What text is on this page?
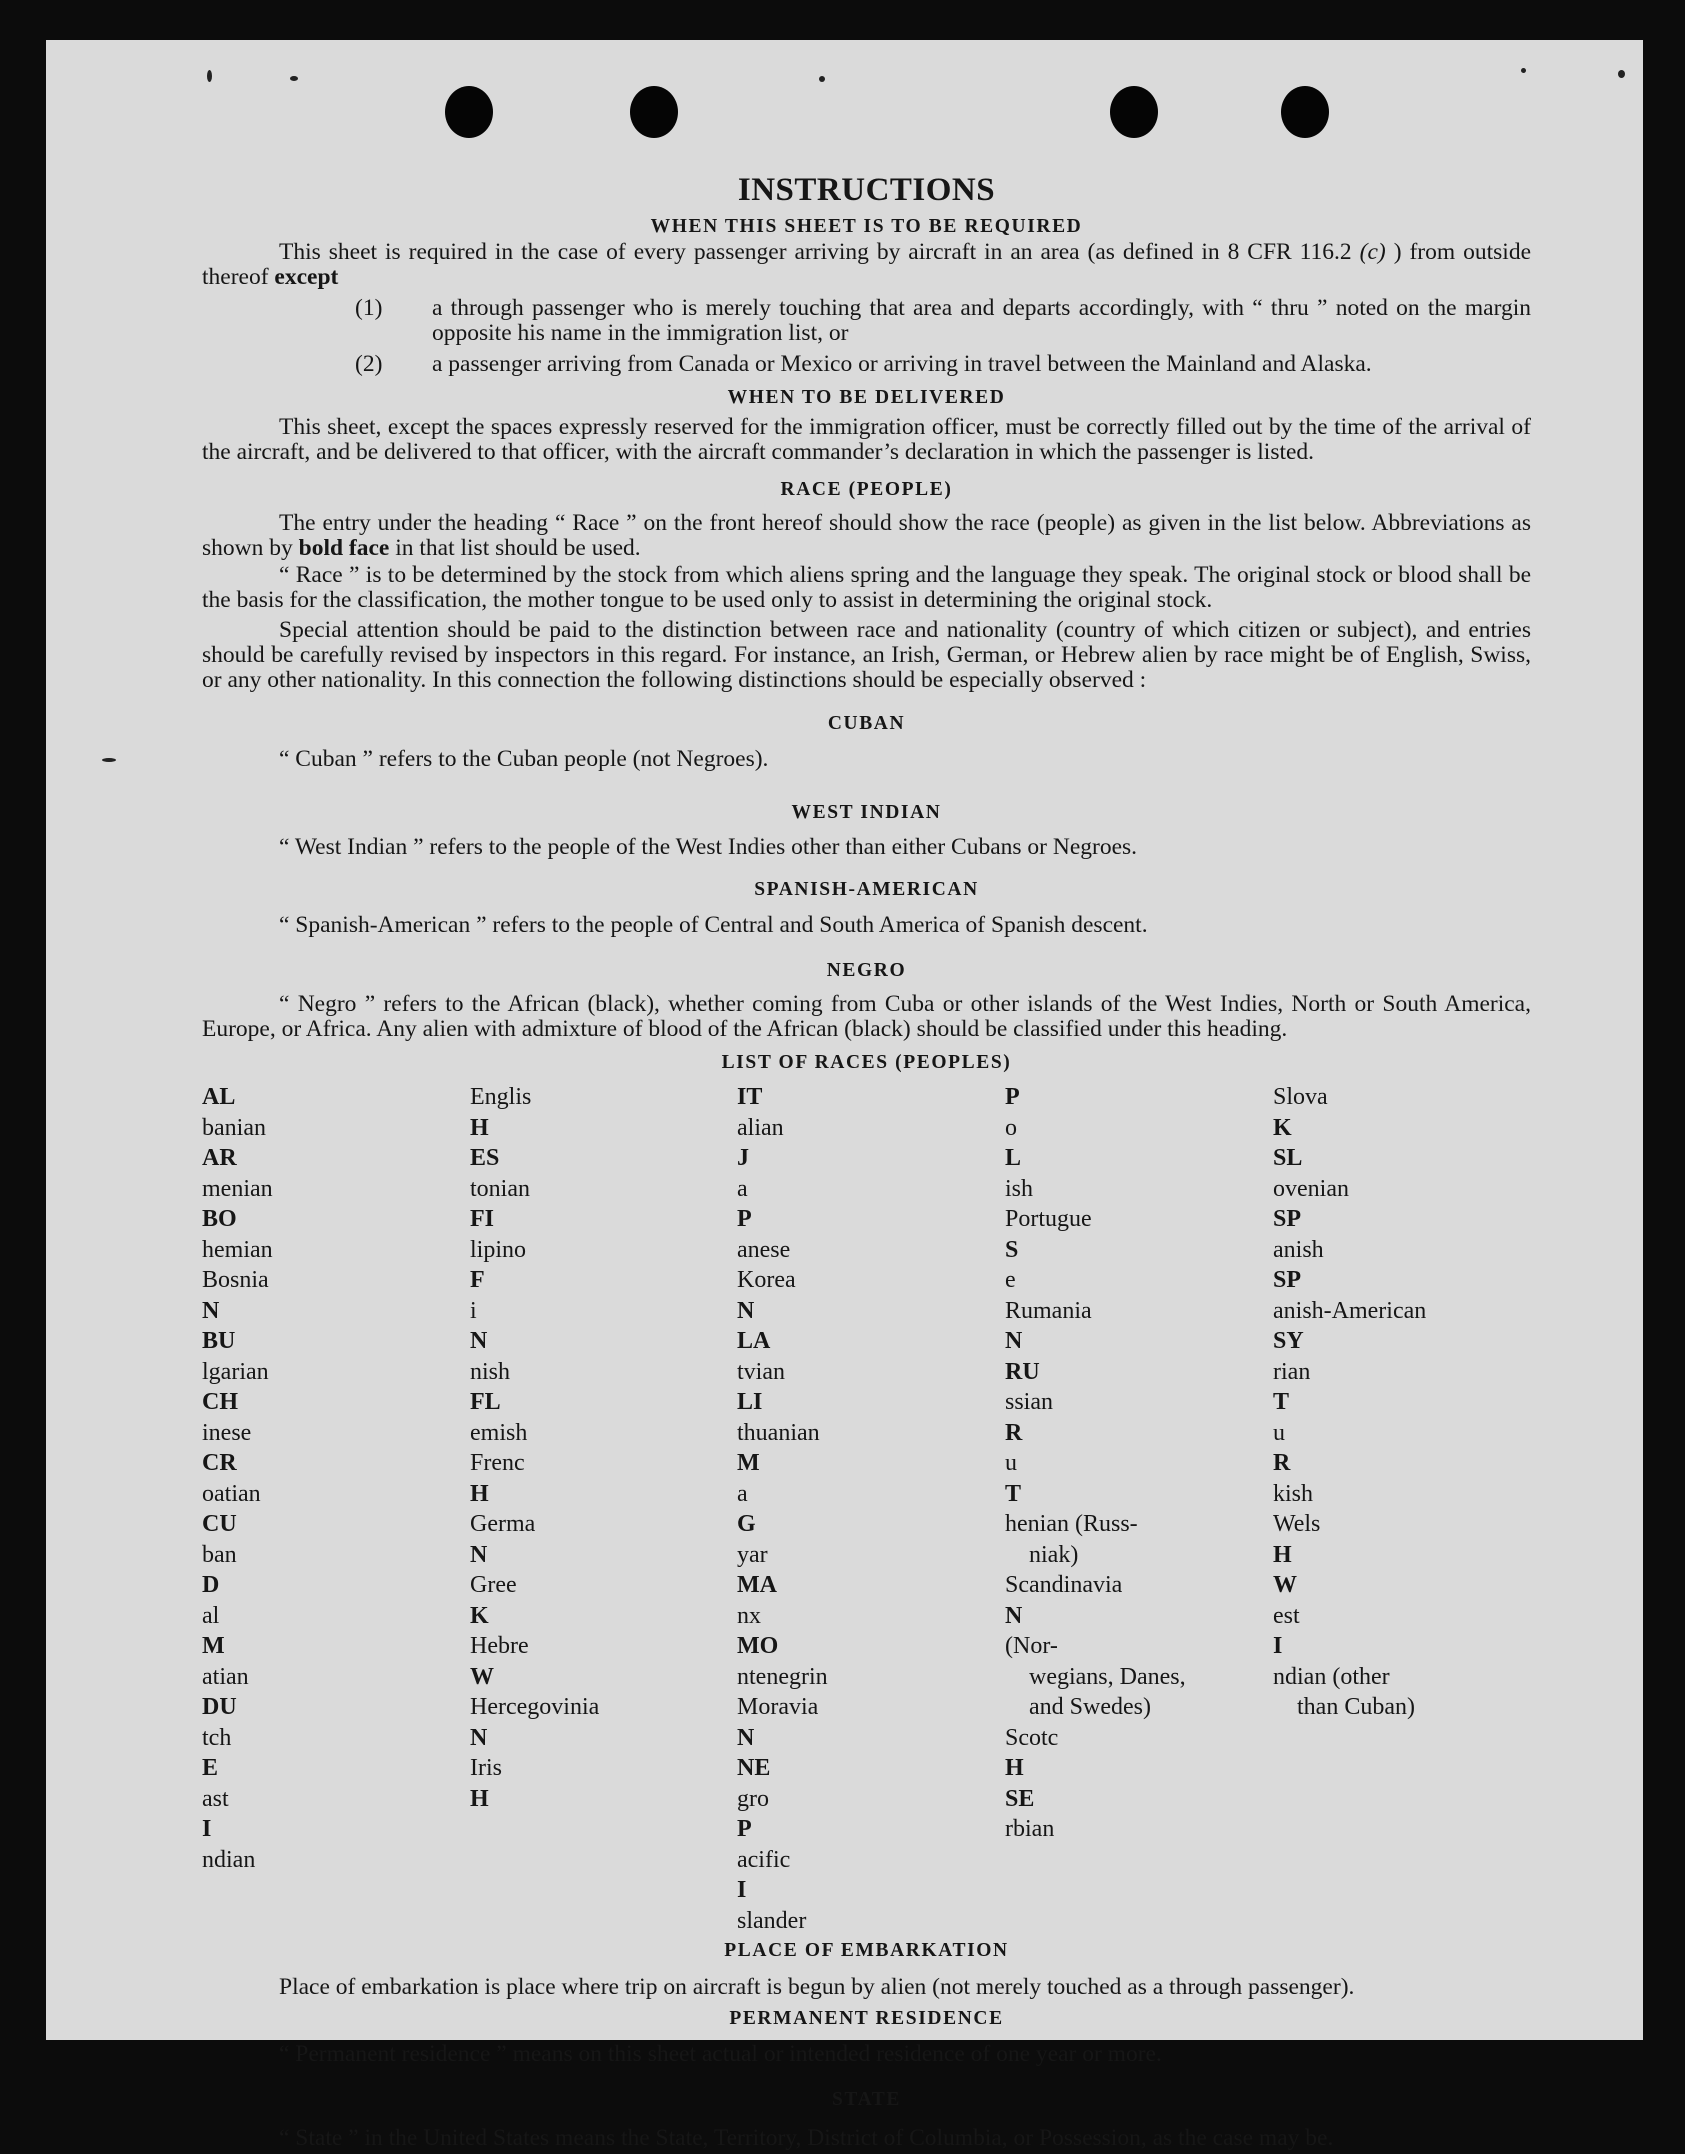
INSTRUCTIONS
WHEN THIS SHEET IS TO BE REQUIRED

This sheet is required in the case of every passenger arriving by aircraft in an area (as defined in 8 CFR 116.2 (c) ) from outside thereof except

(1) a through passenger who is merely touching that area and departs accordingly, with “ thru ” noted on the margin opposite his name in the immigration list, or
(2) a passenger arriving from Canada or Mexico or arriving in travel between the Mainland and Alaska.
WHEN TO BE DELIVERED

This sheet, except the spaces expressly reserved for the immigration officer, must be correctly filled out by the time of the arrival of the aircraft, and be delivered to that officer, with the aircraft commander’s declaration in which the passenger is listed.

RACE (PEOPLE)

The entry under the heading “ Race ” on the front hereof should show the race (people) as given in the list below. Abbreviations as shown by bold face in that list should be used.

“ Race ” is to be determined by the stock from which aliens spring and the language they speak. The original stock or blood shall be the basis for the classification, the mother tongue to be used only to assist in determining the original stock.

Special attention should be paid to the distinction between race and nationality (country of which citizen or subject), and entries should be carefully revised by inspectors in this regard. For instance, an Irish, German, or Hebrew alien by race might be of English, Swiss, or any other nationality. In this connection the following distinctions should be especially observed :

CUBAN

“ Cuban ” refers to the Cuban people (not Negroes).

WEST INDIAN

“ West Indian ” refers to the people of the West Indies other than either Cubans or Negroes.

SPANISH-AMERICAN

“ Spanish-American ” refers to the people of Central and South America of Spanish descent.

NEGRO

“ Negro ” refers to the African (black), whether coming from Cuba or other islands of the West Indies, North or South America, Europe, or Africa. Any alien with admixture of blood of the African (black) should be classified under this heading.

LIST OF RACES (PEOPLES)
AL
banian
AR
menian
BO
hemian
Bosnia
N
BU
lgarian
CH
inese
CR
oatian
CU
ban
D
al
M
atian
DU
tch
E
ast
I
ndian
Englis
H
ES
tonian
FI
lipino
F
i
N
nish
FL
emish
Frenc
H
Germa
N
Gree
K
Hebre
W
Hercegovinia
N
Iris
H
IT
alian
J
a
P
anese
Korea
N
LA
tvian
LI
thuanian
M
a
G
yar
MA
nx
MO
ntenegrin
Moravia
N
NE
gro
P
acific
I
slander
P
o
L
ish
Portugue
S
e
Rumania
N
RU
ssian
R
u
T
henian (Russ-
niak)
Scandinavia
N
(Nor-
wegians, Danes,
and Swedes)
Scotc
H
SE
rbian
Slova
K
SL
ovenian
SP
anish
SP
anish-American
SY
rian
T
u
R
kish
Wels
H
W
est
I
ndian (other
than Cuban)
PLACE OF EMBARKATION

Place of embarkation is place where trip on aircraft is begun by alien (not merely touched as a through passenger).

PERMANENT RESIDENCE

“ Permanent residence ” means on this sheet actual or intended residence of one year or more.

STATE

“ State ” in the United States means the State, Territory, District of Columbia, or Possession, as the case may be.
